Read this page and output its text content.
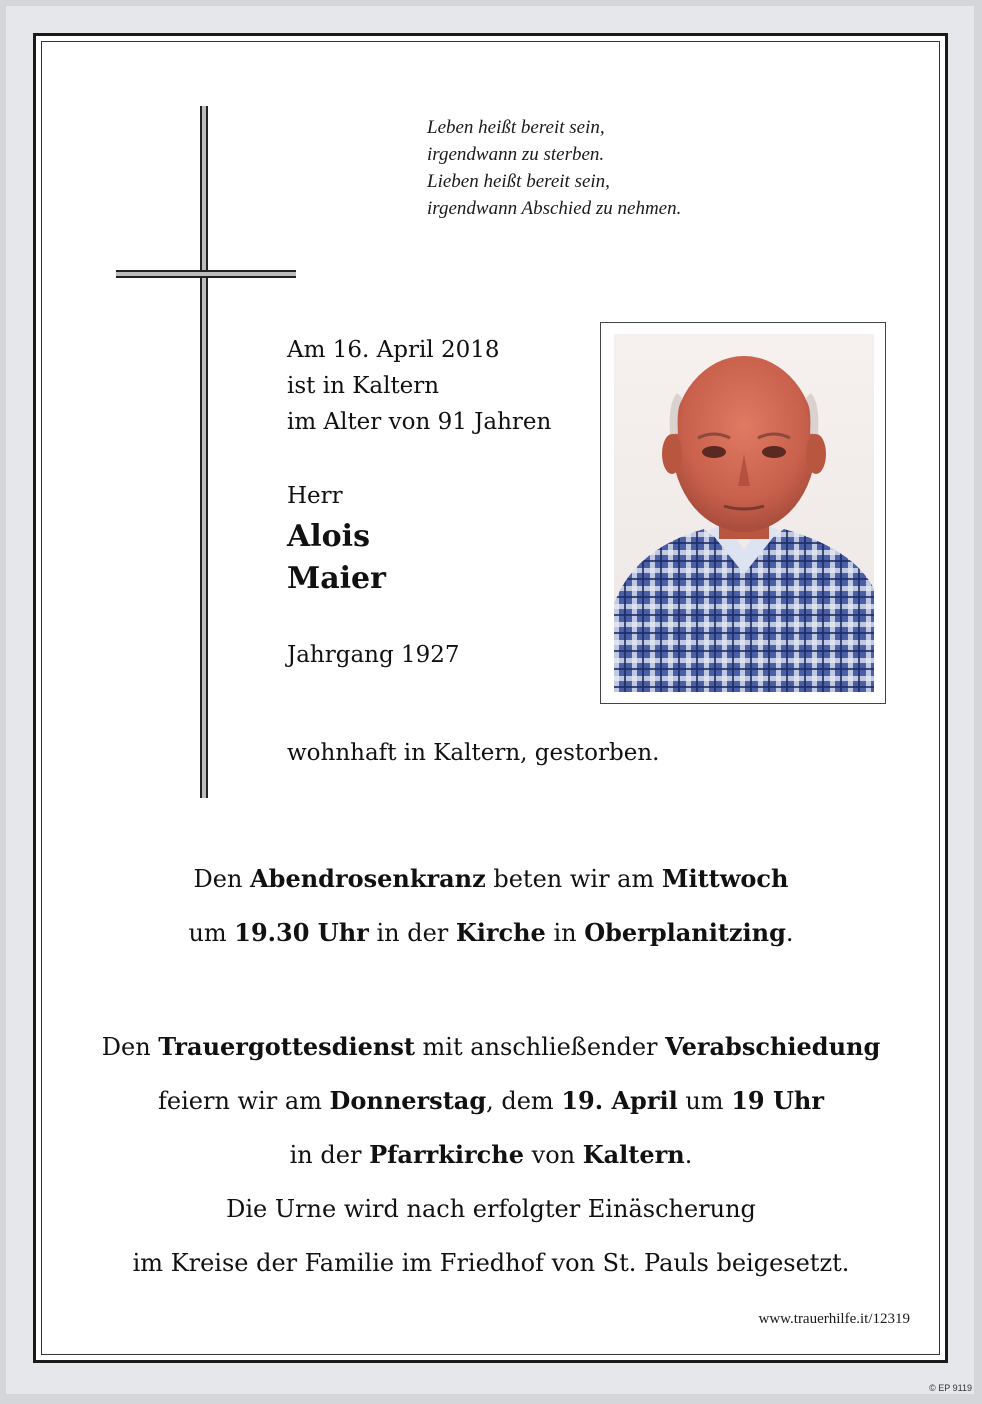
Leben heißt bereit sein,
irgendwann zu sterben.
Lieben heißt bereit sein,
irgendwann Abschied zu nehmen.
Am 16. April 2018
ist in Kaltern
im Alter von 91 Jahren
Herr
Alois
Maier
Jahrgang 1927
wohnhaft in Kaltern, gestorben.
Den Abendrosenkranz beten wir am Mittwoch
um 19.30 Uhr in der Kirche in Oberplanitzing.
Den Trauergottesdienst mit anschließender Verabschiedung
feiern wir am Donnerstag, dem 19. April um 19 Uhr
in der Pfarrkirche von Kaltern.
Die Urne wird nach erfolgter Einäscherung
im Kreise der Familie im Friedhof von St. Pauls beigesetzt.
www.trauerhilfe.it/12319
© EP 9119
